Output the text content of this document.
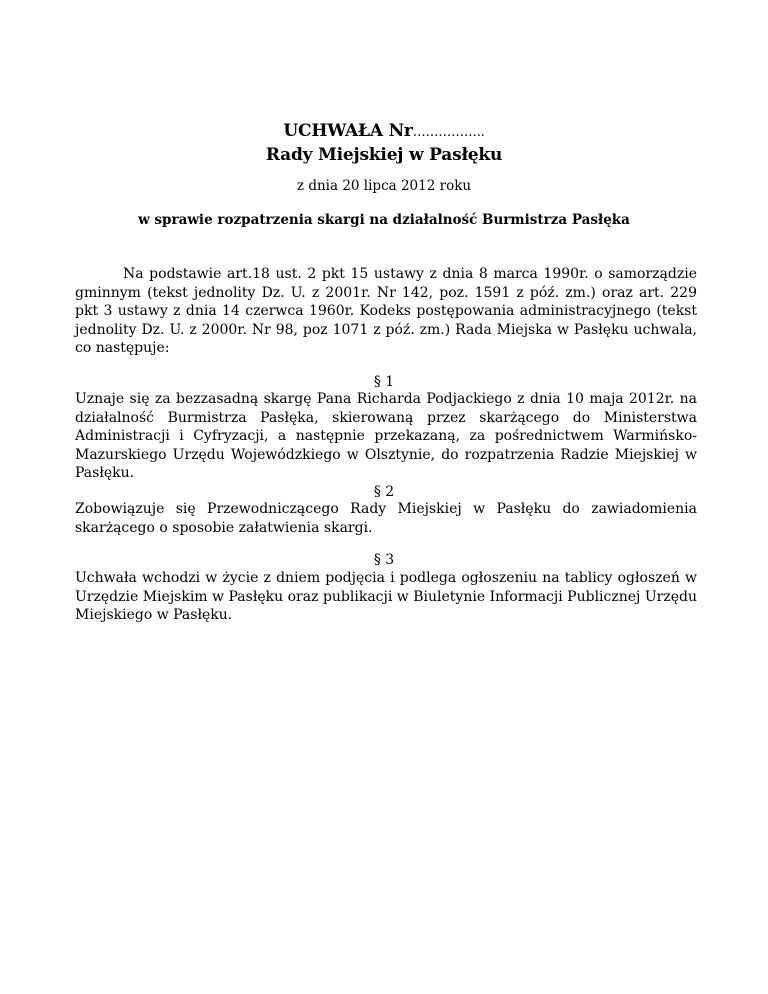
UCHWAŁA Nr……………..
Rady Miejskiej w Pasłęku
z dnia 20 lipca 2012 roku
w sprawie rozpatrzenia skargi na działalność Burmistrza Pasłęka
Na podstawie art.18 ust. 2 pkt 15 ustawy z dnia 8 marca 1990r. o samorządzie gminnym (tekst jednolity Dz. U. z 2001r. Nr 142, poz. 1591 z póź. zm.) oraz art. 229 pkt 3 ustawy z dnia 14 czerwca 1960r. Kodeks postępowania administracyjnego (tekst jednolity Dz. U. z 2000r. Nr 98, poz 1071 z póź. zm.) Rada Miejska w Pasłęku uchwala, co następuje:
§ 1
Uznaje się za bezzasadną skargę Pana Richarda Podjackiego z dnia 10 maja 2012r. na działalność Burmistrza Pasłęka, skierowaną przez skarżącego do Ministerstwa Administracji i Cyfryzacji, a następnie przekazaną, za pośrednictwem Warmińsko-Mazurskiego Urzędu Wojewódzkiego w Olsztynie, do rozpatrzenia Radzie Miejskiej w Pasłęku.
§ 2
Zobowiązuje się Przewodniczącego Rady Miejskiej w Pasłęku do zawiadomienia skarżącego o sposobie załatwienia skargi.
§ 3
Uchwała wchodzi w życie z dniem podjęcia i podlega ogłoszeniu na tablicy ogłoszeń w Urzędzie Miejskim w Pasłęku oraz publikacji w Biuletynie Informacji Publicznej Urzędu Miejskiego w Pasłęku.
